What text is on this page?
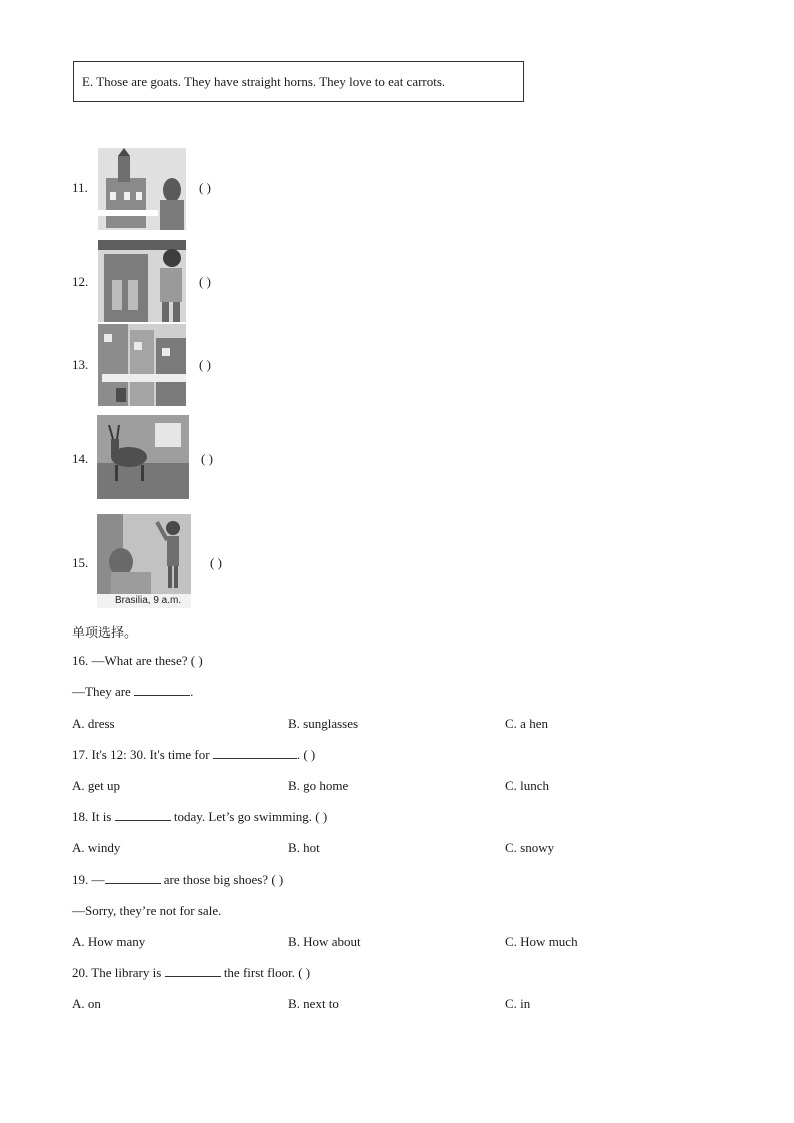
E. Those are goats. They have straight horns. They love to eat carrots.
11.	( )
12.	( )
13.	( )
14.	( )
15.
Brasilia, 9 a.m.
( )
单项选择。
16. —What are these? ( )
—They are	.
A. dress	B. sunglasses	C. a hen
17. It's 12: 30. It's time for	. ( )
A. get up	B. go home	C. lunch
18. It is	today. Let’s go swimming. ( )
A. windy	B. hot	C. snowy
19. —	are those big shoes? ( )
—Sorry, they’re not for sale.
A. How many	B. How about	C. How much
20. The library is	the first floor. ( )
A. on	B. next to	C. in
